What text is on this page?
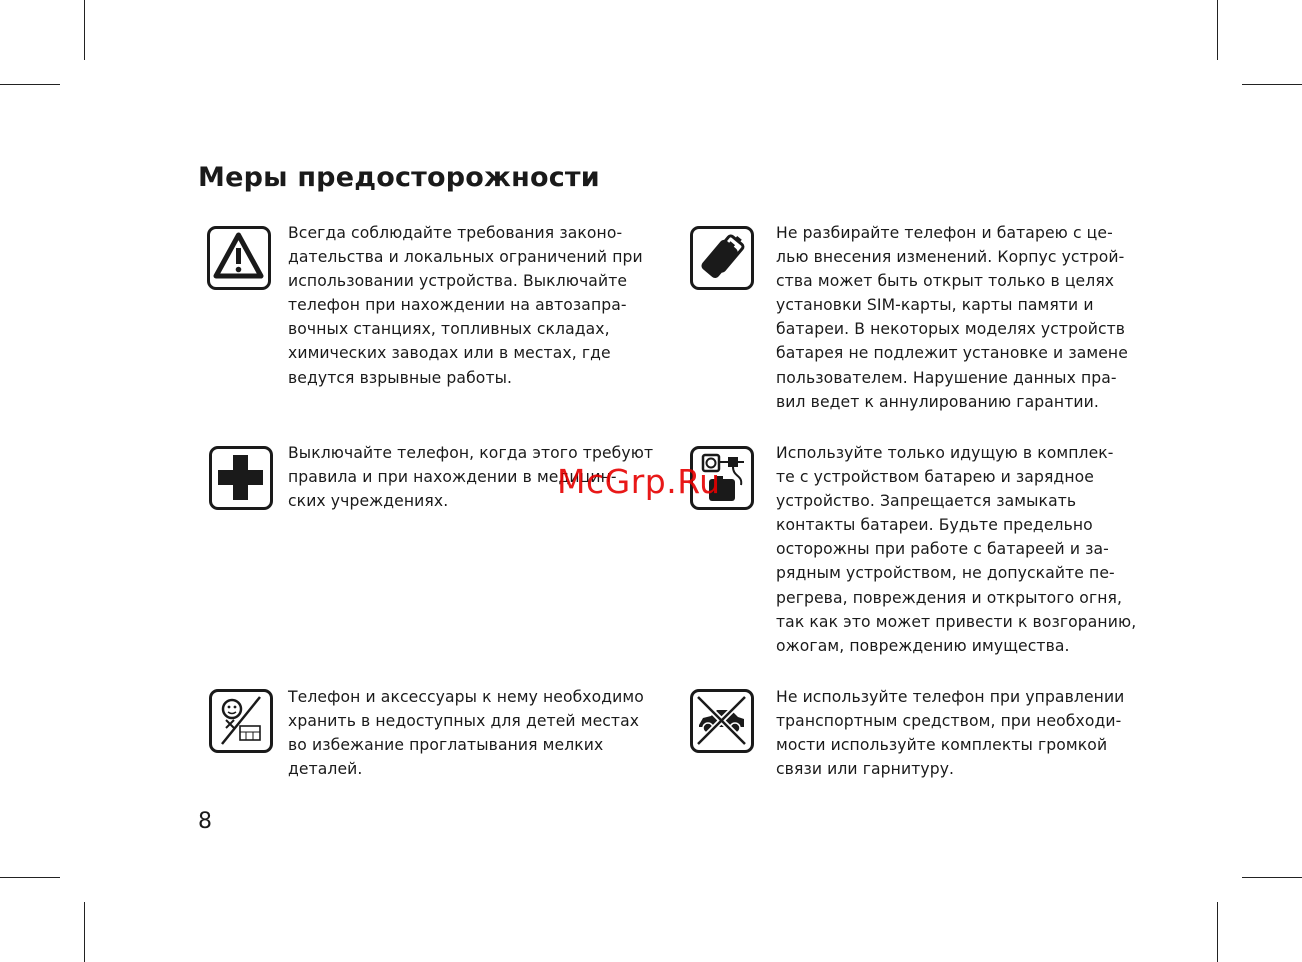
Меры предосторожности
Всегда соблюдайте требования законо-
дательства и локальных ограничений при
использовании устройства. Выключайте
телефон при нахождении на автозапра-
вочных станциях, топливных складах,
химических заводах или в местах, где
ведутся взрывные работы.
Не разбирайте телефон и батарею с це-
лью внесения изменений. Корпус устрой-
ства может быть открыт только в целях
установки SIM-карты, карты памяти и
батареи. В некоторых моделях устройств
батарея не подлежит установке и замене
пользователем. Нарушение данных пра-
вил ведет к аннулированию гарантии.
Выключайте телефон, когда этого требуют
правила и при нахождении в медицин-
ских учреждениях.
Используйте только идущую в комплек-
те с устройством батарею и зарядное
устройство. Запрещается замыкать
контакты батареи. Будьте предельно
осторожны при работе с батареей и за-
рядным устройством, не допускайте пе-
регрева, повреждения и открытого огня,
так как это может привести к возгоранию,
ожогам, повреждению имущества.
Телефон и аксессуары к нему необходимо
хранить в недоступных для детей местах
во избежание проглатывания мелких
деталей.
Не используйте телефон при управлении
транспортным средством, при необходи-
мости используйте комплекты громкой
связи или гарнитуру.
8
McGrp.Ru
